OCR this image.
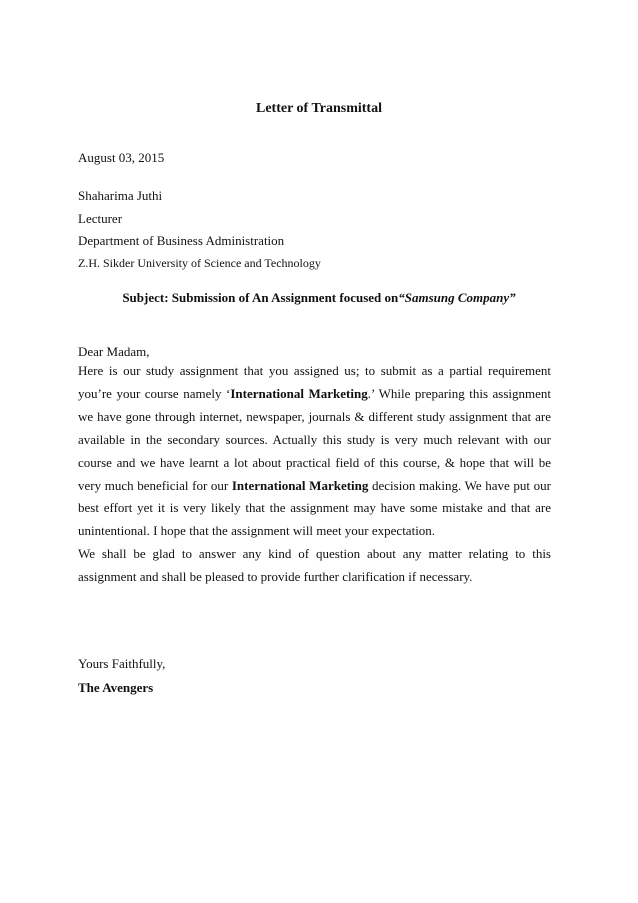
Letter of Transmittal

August 03, 2015

Shaharima Juthi

Lecturer

Department of Business Administration

Z.H. Sikder University of Science and Technology

Subject: Submission of An Assignment focused on“Samsung Company”

Dear Madam,

Here is our study assignment that you assigned us; to submit as a partial requirement you’re your course namely ‘International Marketing.’ While preparing this assignment we have gone through internet, newspaper, journals & different study assignment that are available in the secondary sources. Actually this study is very much relevant with our course and we have learnt a lot about practical field of this course, & hope that will be very much beneficial for our International Marketing decision making. We have put our best effort yet it is very likely that the assignment may have some mistake and that are unintentional. I hope that the assignment will meet your expectation.

We shall be glad to answer any kind of question about any matter relating to this assignment and shall be pleased to provide further clarification if necessary.

Yours Faithfully,

The Avengers
